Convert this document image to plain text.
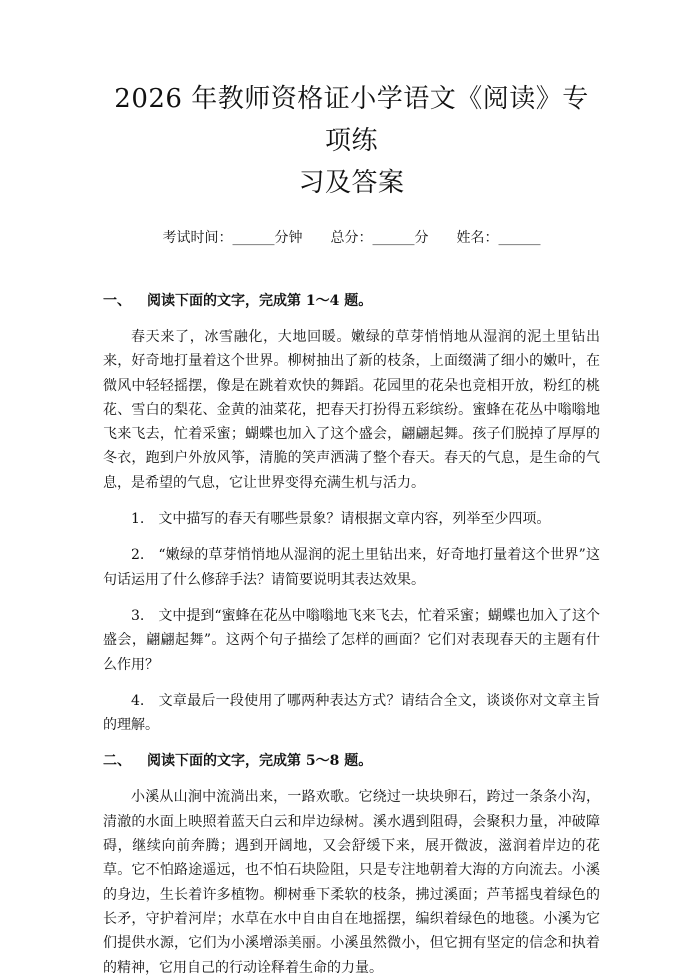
2026 年教师资格证小学语文《阅读》专项练
习及答案
考试时间：______分钟 总分：______分 姓名：______

一、 阅读下面的文字，完成第 1～4 题。

春天来了，冰雪融化，大地回暖。嫩绿的草芽悄悄地从湿润的泥土里钻出来，好奇地打量着这个世界。柳树抽出了新的枝条，上面缀满了细小的嫩叶，在微风中轻轻摇摆，像是在跳着欢快的舞蹈。花园里的花朵也竞相开放，粉红的桃花、雪白的梨花、金黄的油菜花，把春天打扮得五彩缤纷。蜜蜂在花丛中嗡嗡地飞来飞去，忙着采蜜；蝴蝶也加入了这个盛会，翩翩起舞。孩子们脱掉了厚厚的冬衣，跑到户外放风筝，清脆的笑声洒满了整个春天。春天的气息，是生命的气息，是希望的气息，它让世界变得充满生机与活力。

1. 文中描写的春天有哪些景象？请根据文章内容，列举至少四项。

2. “嫩绿的草芽悄悄地从湿润的泥土里钻出来，好奇地打量着这个世界”这句话运用了什么修辞手法？请简要说明其表达效果。

3. 文中提到“蜜蜂在花丛中嗡嗡地飞来飞去，忙着采蜜；蝴蝶也加入了这个盛会，翩翩起舞”。这两个句子描绘了怎样的画面？它们对表现春天的主题有什么作用？

4. 文章最后一段使用了哪两种表达方式？请结合全文，谈谈你对文章主旨的理解。

二、 阅读下面的文字，完成第 5～8 题。

小溪从山涧中流淌出来，一路欢歌。它绕过一块块卵石，跨过一条条小沟，清澈的水面上映照着蓝天白云和岸边绿树。溪水遇到阻碍，会聚积力量，冲破障碍，继续向前奔腾；遇到开阔地，又会舒缓下来，展开微波，滋润着岸边的花草。它不怕路途遥远，也不怕石块险阻，只是专注地朝着大海的方向流去。小溪的身边，生长着许多植物。柳树垂下柔软的枝条，拂过溪面；芦苇摇曳着绿色的长矛，守护着河岸；水草在水中自由自在地摇摆，编织着绿色的地毯。小溪为它们提供水源，它们为小溪增添美丽。小溪虽然微小，但它拥有坚定的信念和执着的精神，它用自己的行动诠释着生命的力量。
